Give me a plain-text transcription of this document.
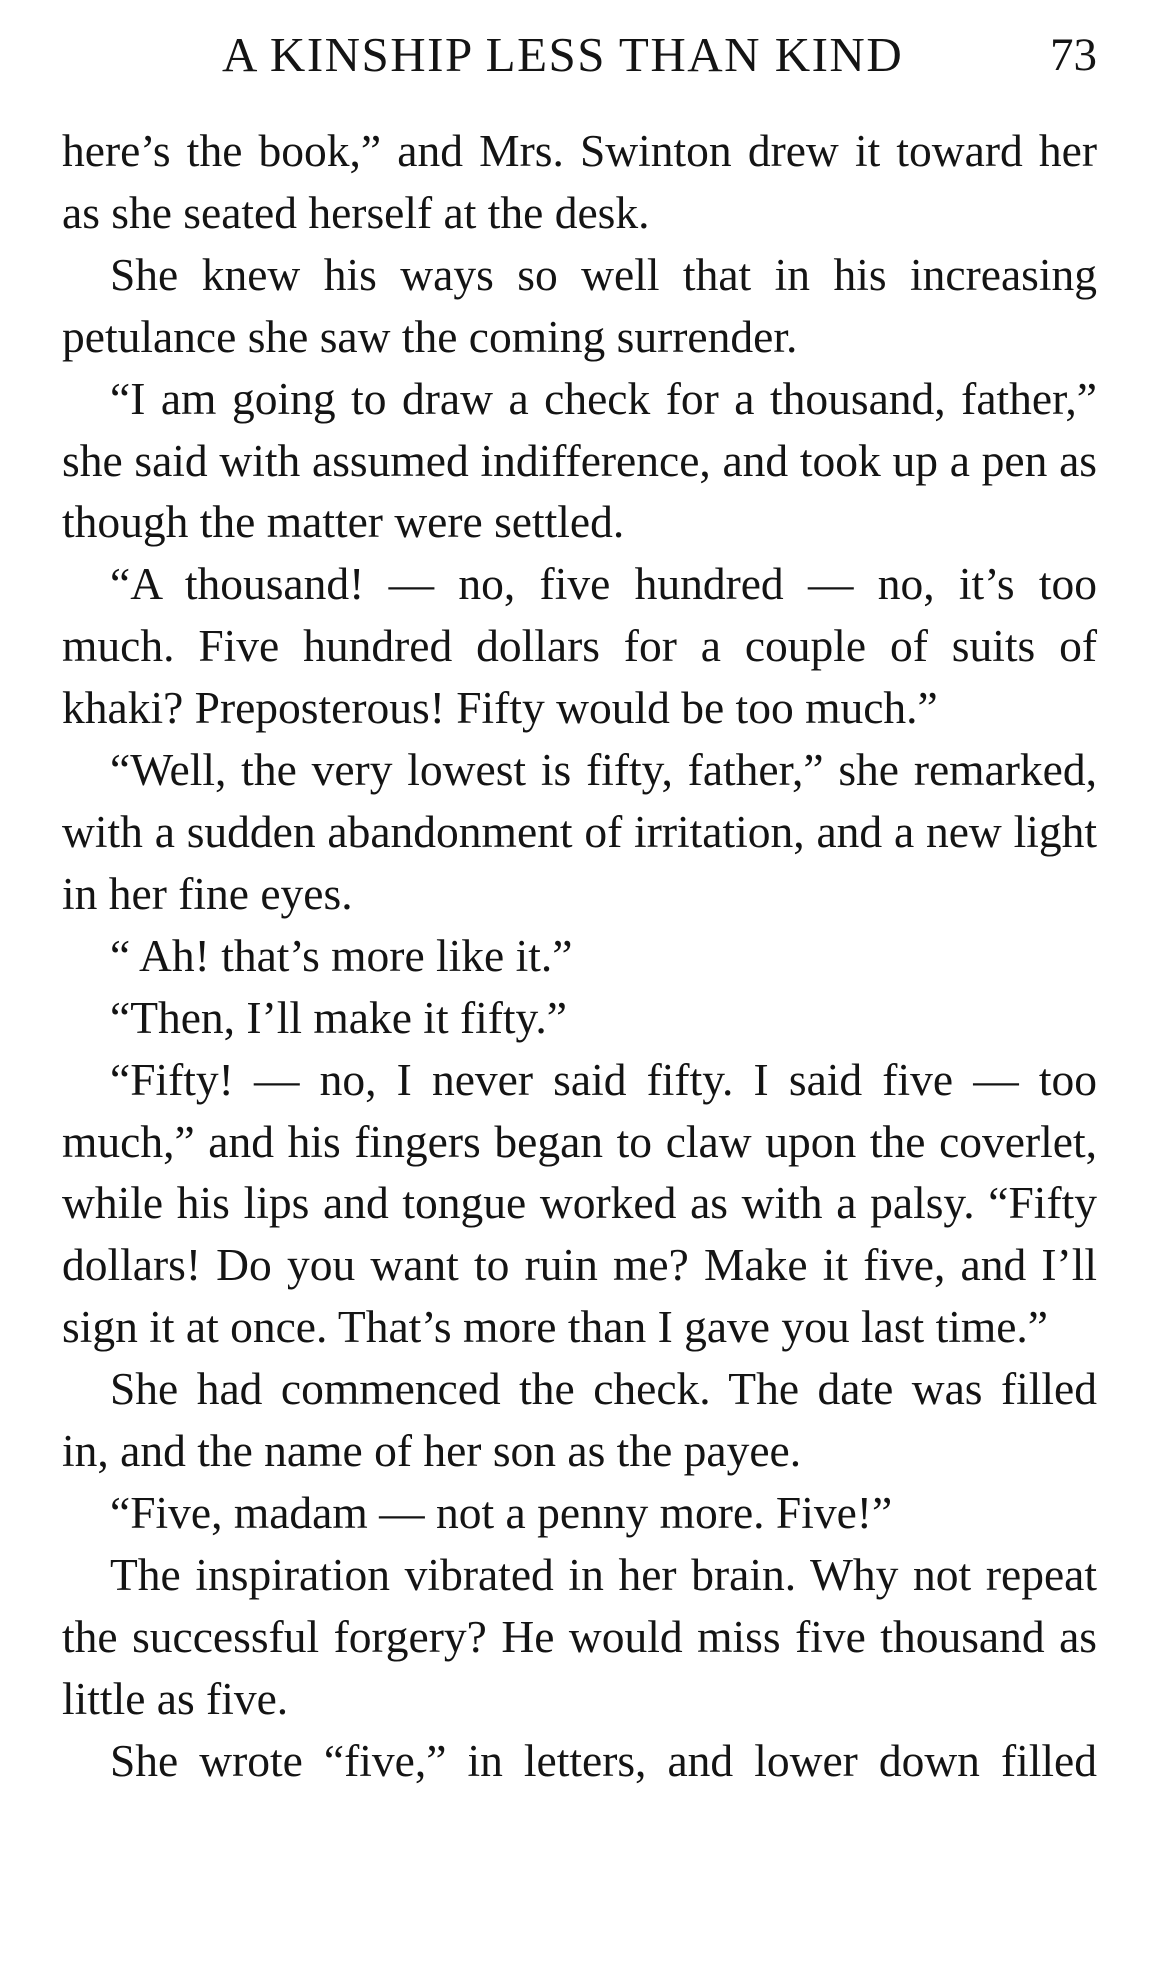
A KINSHIP LESS THAN KIND	73

here’s the book,” and Mrs. Swinton drew it toward her as she seated herself at the desk.

She knew his ways so well that in his increasing petulance she saw the coming surrender.

“I am going to draw a check for a thousand, father,” she said with assumed indifference, and took up a pen as though the matter were settled.

“A thousand! — no, five hundred — no, it’s too much. Five hundred dollars for a couple of suits of khaki? Preposterous! Fifty would be too much.”

“Well, the very lowest is fifty, father,” she remarked, with a sudden abandonment of irritation, and a new light in her fine eyes.

“ Ah! that’s more like it.”

“Then, I’ll make it fifty.”

“Fifty! — no, I never said fifty. I said five — too much,” and his fingers began to claw upon the coverlet, while his lips and tongue worked as with a palsy. “Fifty dollars! Do you want to ruin me? Make it five, and I’ll sign it at once. That’s more than I gave you last time.”

She had commenced the check. The date was filled in, and the name of her son as the payee.

“Five, madam — not a penny more. Five!”

The inspiration vibrated in her brain. Why not repeat the successful forgery? He would miss five thousand as little as five.

She wrote “five,” in letters, and lower down filled
